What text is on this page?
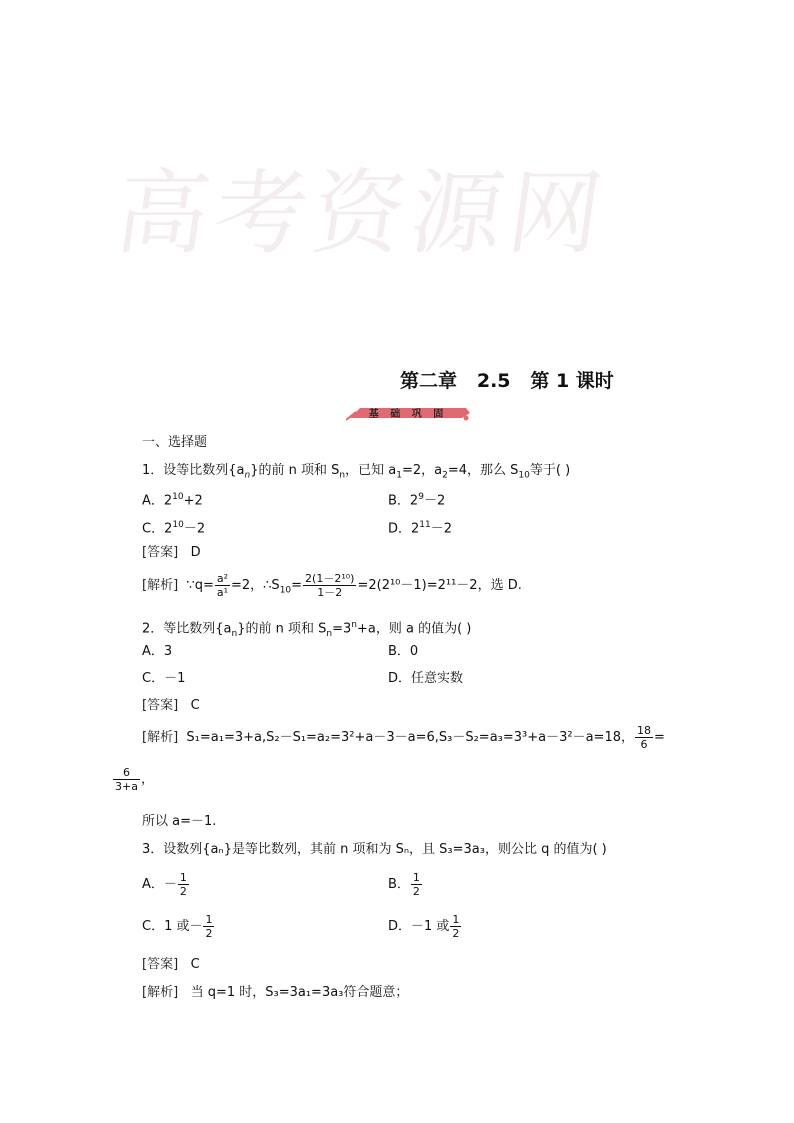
高考资源网
第二章   2.5   第 1 课时
基 础 巩 固
一、选择题
1．设等比数列$\{a_n\}$的前 n 项和 $S_n$，已知 $a_1=2$，$a_2=4$，那么 $S_{10}$等于( )
A．$2^{10}+2$	B．$2^9-2$
C．$2^{10}-2$	D．$2^{11}-2$
[答案] D
[解析] ∵q= $\frac{\text{a²}}{\text{a¹}} =2$，$\therefore S_{10}= \frac{\text{2(1－2¹⁰)}}{1-2} =2(2^{10}-1)=2^{11}-2$，选 D.
2．等比数列$\{a_n\}$的前 n 项和 $S_n=3^n+a$，则 a 的值为( )
A．3	B．0
C．－1	D．任意实数
[答案] C
[解析] S₁=a₁=3+a,S₂－S₁=a₂=3²+a－3－a=6,S₃－S₂=a₃=3³+a－3²－a=18， $\frac{18}{6}$ =
$\frac{6}{3+a}$ ，
所以 a=－1.
3．设数列{aₙ}是等比数列，其前 n 项和为 Sₙ，且 S₃=3a₃，则公比 q 的值为( )
A．－ $\frac{1}{2}$	B． $\frac{1}{2}$
C．1 或－ $\frac{1}{2}$	D．－1 或 $\frac{1}{2}$
[答案] C
[解析] 当 q=1 时，S₃=3a₁=3a₃符合题意；
